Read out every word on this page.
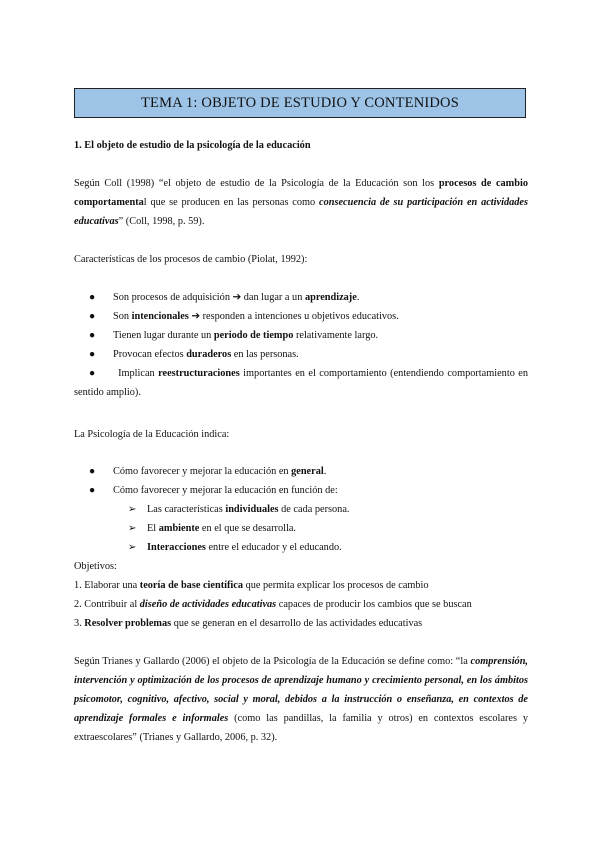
TEMA 1: OBJETO DE ESTUDIO Y CONTENIDOS
1. El objeto de estudio de la psicología de la educación
Según Coll (1998) “el objeto de estudio de la Psicología de la Educación son los procesos de cambio comportamental que se producen en las personas como consecuencia de su participación en actividades educativas” (Coll, 1998, p. 59).
Características de los procesos de cambio (Piolat, 1992):
● Son procesos de adquisición ➔ dan lugar a un aprendizaje.
● Son intencionales ➔ responden a intenciones u objetivos educativos.
● Tienen lugar durante un periodo de tiempo relativamente largo.
● Provocan efectos duraderos en las personas.
● Implican reestructuraciones importantes en el comportamiento (entendiendo comportamiento en sentido amplio).
La Psicología de la Educación indica:
● Cómo favorecer y mejorar la educación en general.
● Cómo favorecer y mejorar la educación en función de:
➢ Las características individuales de cada persona.
➢ El ambiente en el que se desarrolla.
➢ Interacciones entre el educador y el educando.
Objetivos:
1. Elaborar una teoría de base científica que permita explicar los procesos de cambio
2. Contribuir al diseño de actividades educativas capaces de producir los cambios que se buscan
3. Resolver problemas que se generan en el desarrollo de las actividades educativas
Según Trianes y Gallardo (2006) el objeto de la Psicología de la Educación se define como: “la comprensión, intervención y optimización de los procesos de aprendizaje humano y crecimiento personal, en los ámbitos psicomotor, cognitivo, afectivo, social y moral, debidos a la instrucción o enseñanza, en contextos de aprendizaje formales e informales (como las pandillas, la familia y otros) en contextos escolares y extraescolares” (Trianes y Gallardo, 2006, p. 32).
